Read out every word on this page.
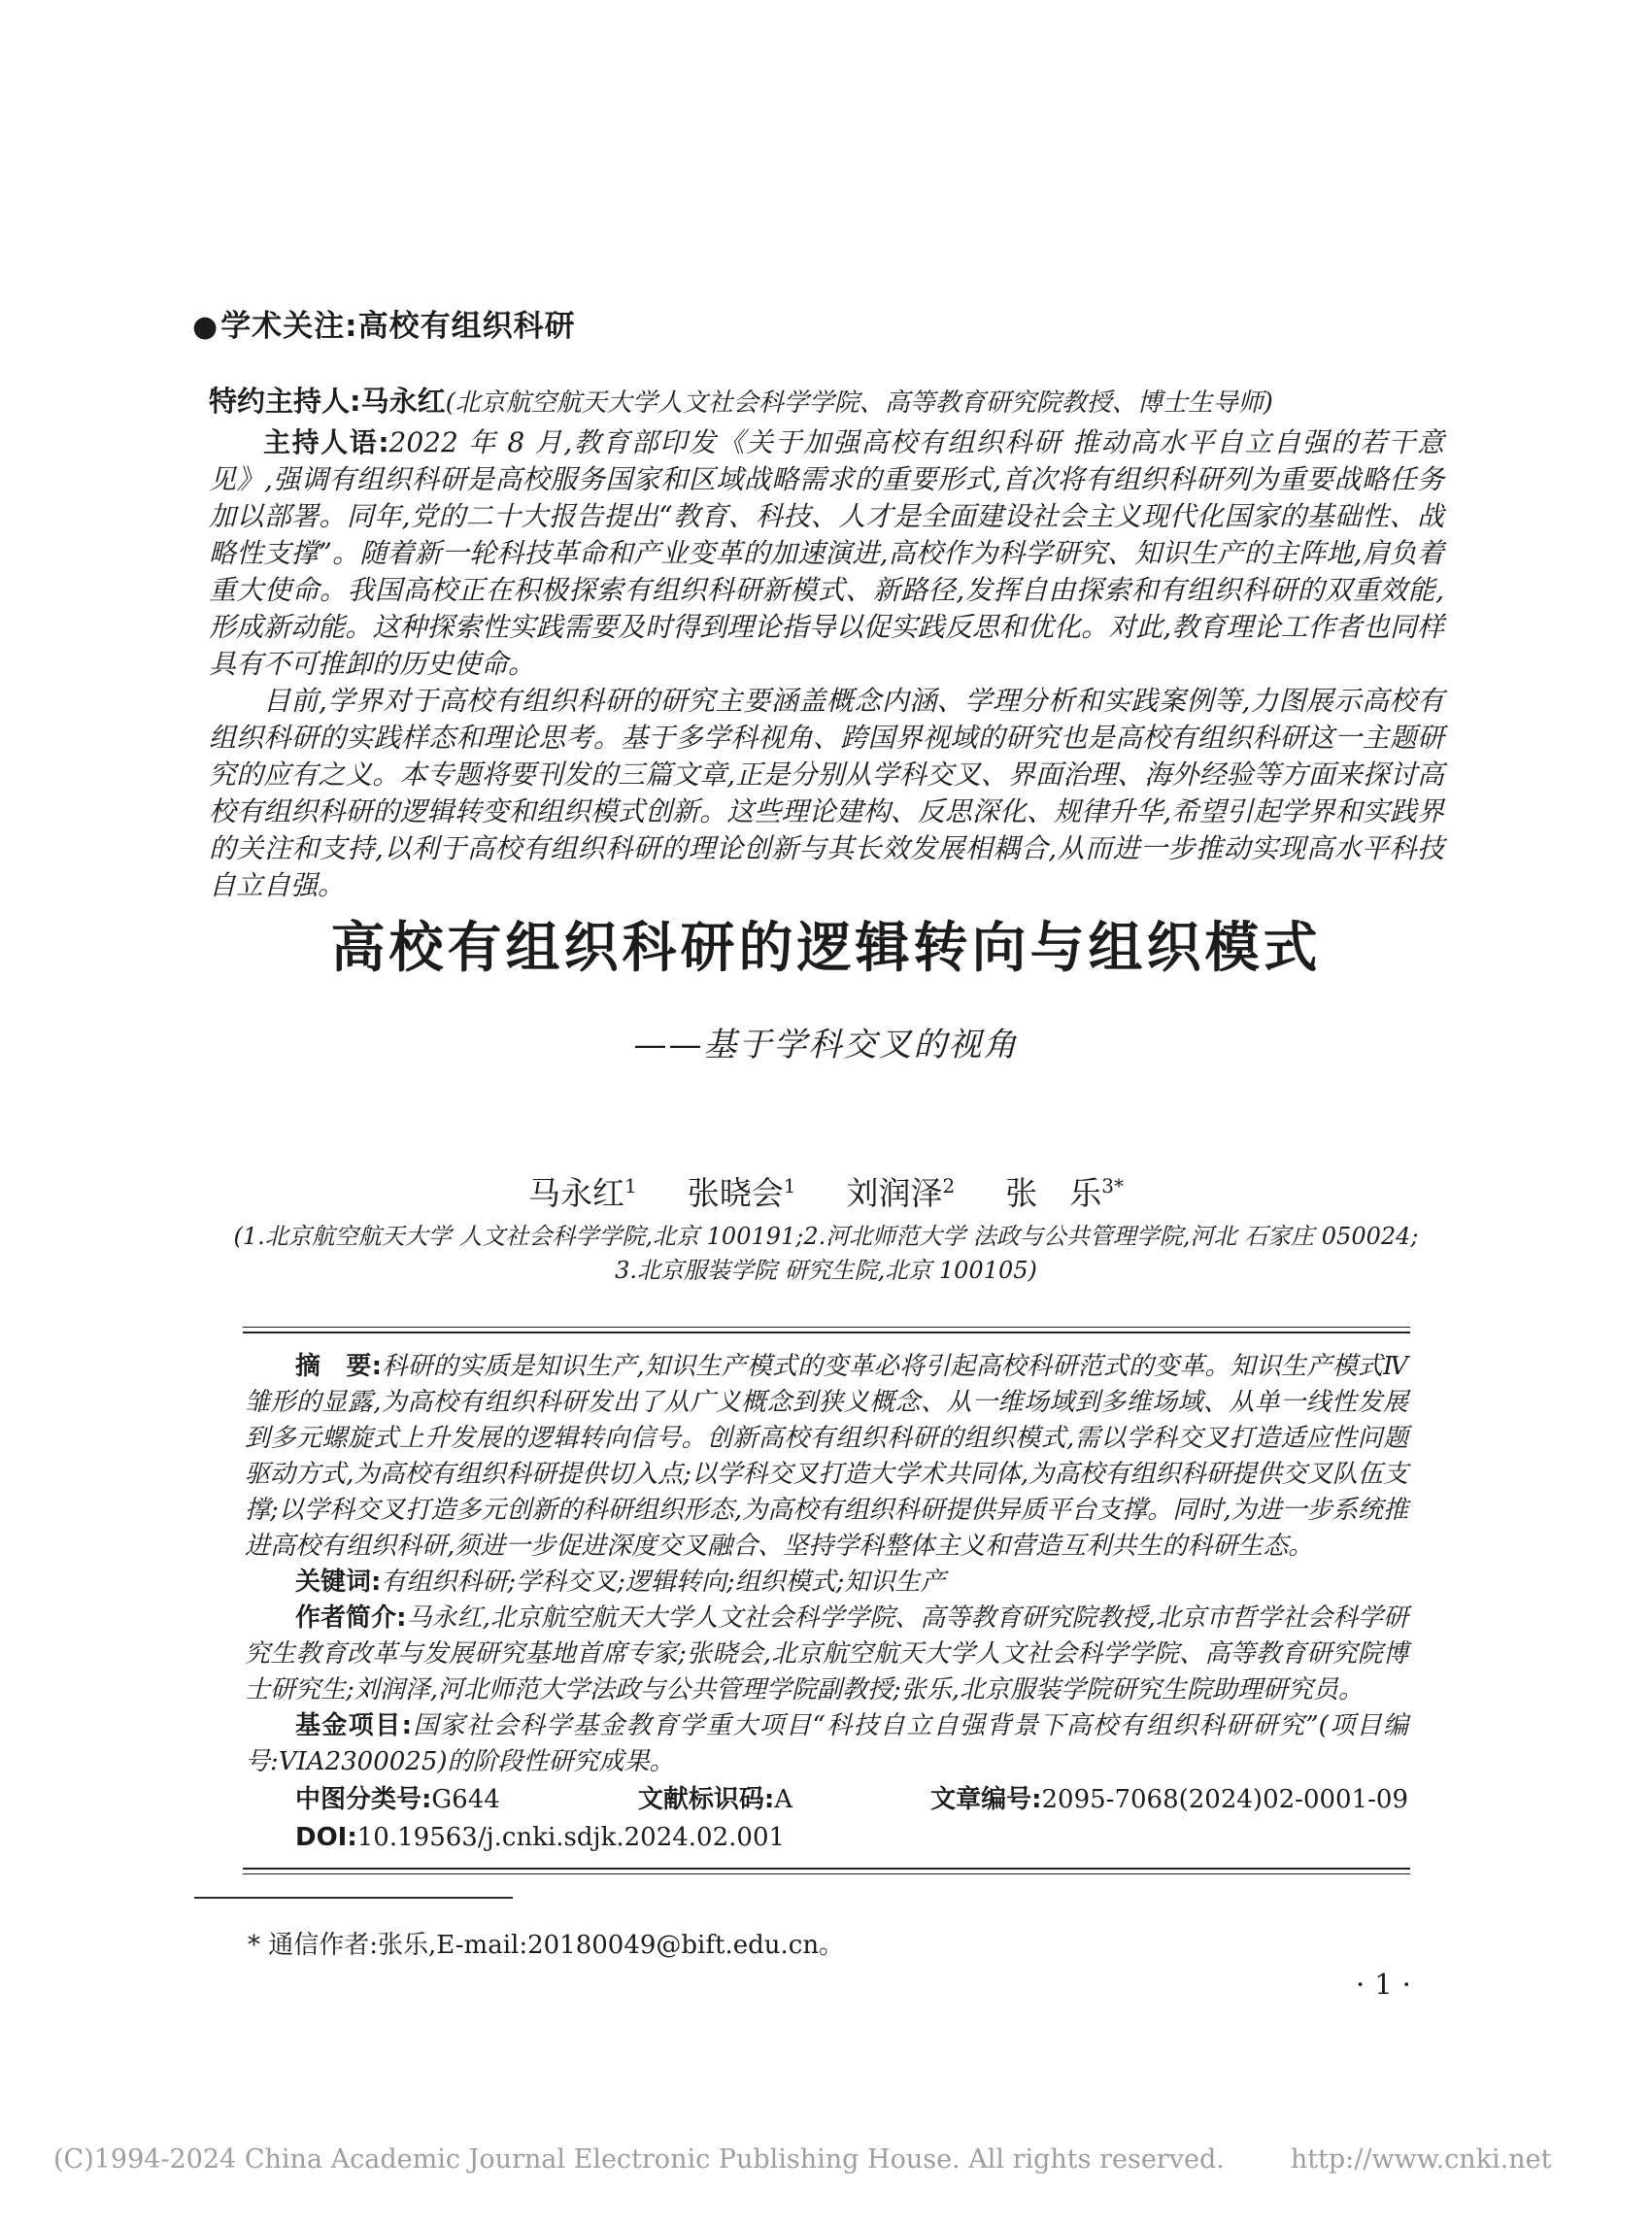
●学术关注:高校有组织科研
特约主持人:马永红(北京航空航天大学人文社会科学学院、高等教育研究院教授、博士生导师)

主持人语:2022 年 8 月,教育部印发《关于加强高校有组织科研 推动高水平自立自强的若干意见》,强调有组织科研是高校服务国家和区域战略需求的重要形式,首次将有组织科研列为重要战略任务加以部署。同年,党的二十大报告提出“教育、科技、人才是全面建设社会主义现代化国家的基础性、战略性支撑”。随着新一轮科技革命和产业变革的加速演进,高校作为科学研究、知识生产的主阵地,肩负着重大使命。我国高校正在积极探索有组织科研新模式、新路径,发挥自由探索和有组织科研的双重效能,形成新动能。这种探索性实践需要及时得到理论指导以促实践反思和优化。对此,教育理论工作者也同样具有不可推卸的历史使命。

目前,学界对于高校有组织科研的研究主要涵盖概念内涵、学理分析和实践案例等,力图展示高校有组织科研的实践样态和理论思考。基于多学科视角、跨国界视域的研究也是高校有组织科研这一主题研究的应有之义。本专题将要刊发的三篇文章,正是分别从学科交叉、界面治理、海外经验等方面来探讨高校有组织科研的逻辑转变和组织模式创新。这些理论建构、反思深化、规律升华,希望引起学界和实践界的关注和支持,以利于高校有组织科研的理论创新与其长效发展相耦合,从而进一步推动实现高水平科技自立自强。

高校有组织科研的逻辑转向与组织模式
——基于学科交叉的视角
马永红$^1$ 张晓会$^1$ 刘润泽$^2$ 张　乐$^{3*}$
(1.北京航空航天大学 人文社会科学学院,北京 100191;2.河北师范大学 法政与公共管理学院,河北 石家庄 050024;
3.北京服装学院 研究生院,北京 100105)

摘　要:科研的实质是知识生产,知识生产模式的变革必将引起高校科研范式的变革。知识生产模式Ⅳ雏形的显露,为高校有组织科研发出了从广义概念到狭义概念、从一维场域到多维场域、从单一线性发展到多元螺旋式上升发展的逻辑转向信号。创新高校有组织科研的组织模式,需以学科交叉打造适应性问题驱动方式,为高校有组织科研提供切入点;以学科交叉打造大学术共同体,为高校有组织科研提供交叉队伍支撑;以学科交叉打造多元创新的科研组织形态,为高校有组织科研提供异质平台支撑。同时,为进一步系统推进高校有组织科研,须进一步促进深度交叉融合、坚持学科整体主义和营造互利共生的科研生态。

关键词:有组织科研;学科交叉;逻辑转向;组织模式;知识生产

作者简介:马永红,北京航空航天大学人文社会科学学院、高等教育研究院教授,北京市哲学社会科学研究生教育改革与发展研究基地首席专家;张晓会,北京航空航天大学人文社会科学学院、高等教育研究院博士研究生;刘润泽,河北师范大学法政与公共管理学院副教授;张乐,北京服装学院研究生院助理研究员。

基金项目:国家社会科学基金教育学重大项目“科技自立自强背景下高校有组织科研研究”(项目编号:VIA2300025)的阶段性研究成果。

中图分类号:G644	文献标识码:A	文章编号:2095-7068(2024)02-0001-09
DOI:10.19563/j.cnki.sdjk.2024.02.001
* 通信作者:张乐,E-mail:20180049@bift.edu.cn。
·1·
(C)1994-2024 China Academic Journal Electronic Publishing House. All rights reserved.	http://www.cnki.net
